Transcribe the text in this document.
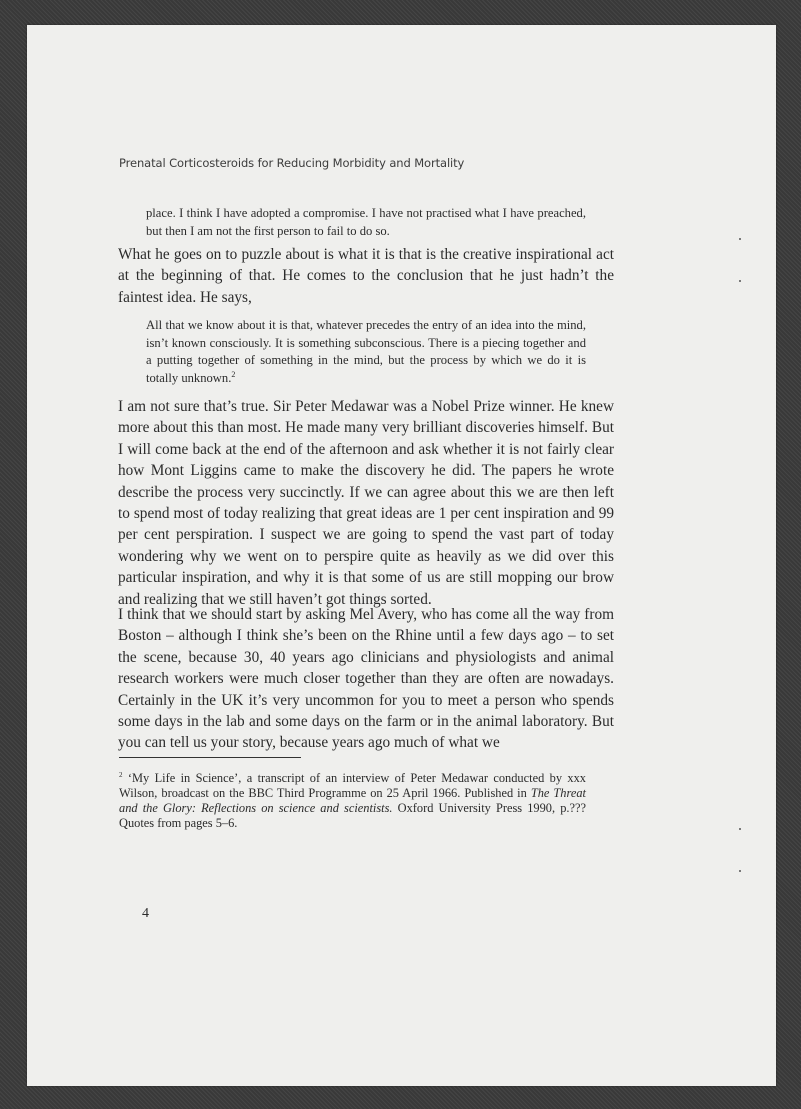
Prenatal Corticosteroids for Reducing Morbidity and Mortality

place. I think I have adopted a compromise. I have not practised what I have preached, but then I am not the first person to fail to do so.

What he goes on to puzzle about is what it is that is the creative inspirational act at the beginning of that. He comes to the conclusion that he just hadn’t the faintest idea. He says,

All that we know about it is that, whatever precedes the entry of an idea into the mind, isn’t known consciously. It is something subconscious. There is a piecing together and a putting together of something in the mind, but the process by which we do it is totally unknown.$^2$

I am not sure that’s true. Sir Peter Medawar was a Nobel Prize winner. He knew more about this than most. He made many very brilliant discoveries himself. But I will come back at the end of the afternoon and ask whether it is not fairly clear how Mont Liggins came to make the discovery he did. The papers he wrote describe the process very succinctly. If we can agree about this we are then left to spend most of today realizing that great ideas are 1 per cent inspiration and 99 per cent perspiration. I suspect we are going to spend the vast part of today wondering why we went on to perspire quite as heavily as we did over this particular inspiration, and why it is that some of us are still mopping our brow and realizing that we still haven’t got things sorted.

I think that we should start by asking Mel Avery, who has come all the way from Boston – although I think she’s been on the Rhine until a few days ago – to set the scene, because 30, 40 years ago clinicians and physiologists and animal research workers were much closer together than they are often are nowadays. Certainly in the UK it’s very uncommon for you to meet a person who spends some days in the lab and some days on the farm or in the animal laboratory. But you can tell us your story, because years ago much of what we

$^2$ ‘My Life in Science’, a transcript of an interview of Peter Medawar conducted by xxx Wilson, broadcast on the BBC Third Programme on 25 April 1966. Published in The Threat and the Glory: Reflections on science and scientists. Oxford University Press 1990, p.??? Quotes from pages 5–6.

4
